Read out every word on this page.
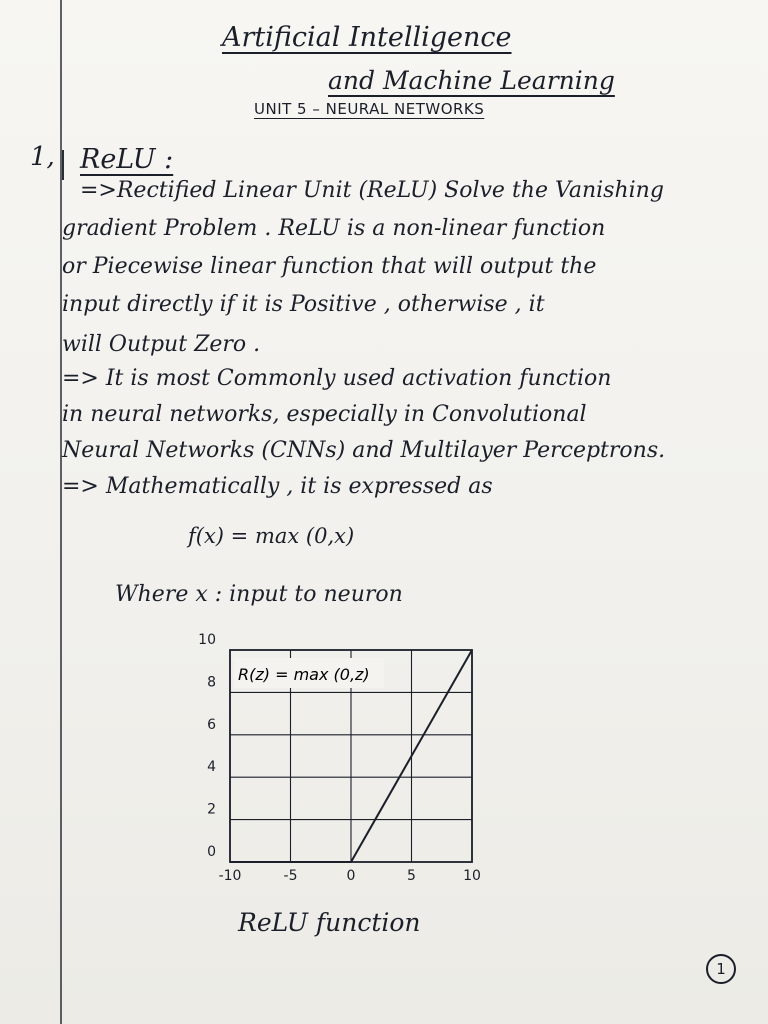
Artificial Intelligence
and Machine Learning
UNIT 5 – NEURAL NETWORKS
1, ReLU :
=>Rectified Linear Unit (ReLU) Solve the Vanishing
gradient Problem . ReLU is a non-linear function
or Piecewise linear function that will output the
input directly if it is Positive , otherwise , it
will Output Zero .
=> It is most Commonly used activation function
in neural networks, especially in Convolutional
Neural Networks (CNNs) and Multilayer Perceptrons.
=> Mathematically , it is expressed as
f(x) = max (0,x)
Where x : input to neuron
-10	-5	0	5	10
0
2
4
6
8
10
R(z) = max (0,z)
ReLU function
1
